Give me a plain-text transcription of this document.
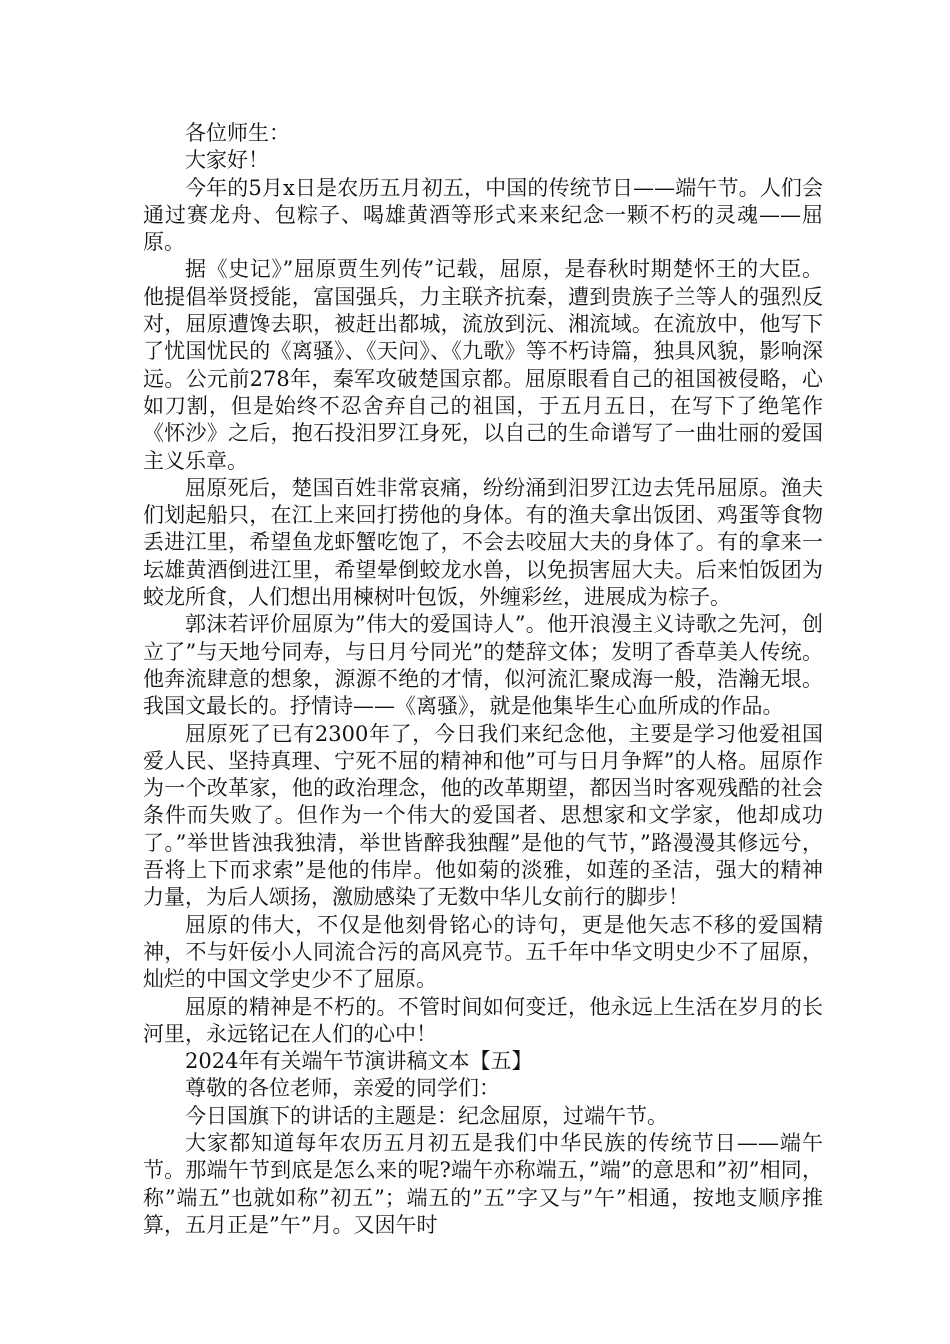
各位师生：

大家好！

今年的5月x日是农历五月初五，中国的传统节日——端午节。人们会通过赛龙舟、包粽子、喝雄黄酒等形式来来纪念一颗不朽的灵魂——屈原。

据《史记》”屈原贾生列传”记载，屈原，是春秋时期楚怀王的大臣。他提倡举贤授能，富国强兵，力主联齐抗秦，遭到贵族子兰等人的强烈反对，屈原遭馋去职，被赶出都城，流放到沅、湘流域。在流放中，他写下了忧国忧民的《离骚》、《天问》、《九歌》等不朽诗篇，独具风貌，影响深远。公元前278年，秦军攻破楚国京都。屈原眼看自己的祖国被侵略，心如刀割，但是始终不忍舍弃自己的祖国，于五月五日，在写下了绝笔作《怀沙》之后，抱石投汨罗江身死，以自己的生命谱写了一曲壮丽的爱国主义乐章。

屈原死后，楚国百姓非常哀痛，纷纷涌到汨罗江边去凭吊屈原。渔夫们划起船只，在江上来回打捞他的身体。有的渔夫拿出饭团、鸡蛋等食物丢进江里，希望鱼龙虾蟹吃饱了，不会去咬屈大夫的身体了。有的拿来一坛雄黄酒倒进江里，希望晕倒蛟龙水兽，以免损害屈大夫。后来怕饭团为蛟龙所食，人们想出用楝树叶包饭，外缠彩丝，进展成为棕子。

郭沫若评价屈原为”伟大的爱国诗人”。他开浪漫主义诗歌之先河，创立了”与天地兮同寿，与日月兮同光”的楚辞文体；发明了香草美人传统。他奔流肆意的想象，源源不绝的才情，似河流汇聚成海一般，浩瀚无垠。我国文最长的。抒情诗——《离骚》，就是他集毕生心血所成的作品。

屈原死了已有2300年了，今日我们来纪念他，主要是学习他爱祖国爱人民、坚持真理、宁死不屈的精神和他”可与日月争辉”的人格。屈原作为一个改革家，他的政治理念，他的改革期望，都因当时客观残酷的社会条件而失败了。但作为一个伟大的爱国者、思想家和文学家，他却成功了。”举世皆浊我独清，举世皆醉我独醒”是他的气节，”路漫漫其修远兮，吾将上下而求索”是他的伟岸。他如菊的淡雅，如莲的圣洁，强大的精神力量，为后人颂扬，激励感染了无数中华儿女前行的脚步！

屈原的伟大，不仅是他刻骨铭心的诗句，更是他矢志不移的爱国精神，不与奸佞小人同流合污的高风亮节。五千年中华文明史少不了屈原，灿烂的中国文学史少不了屈原。

屈原的精神是不朽的。不管时间如何变迁，他永远上生活在岁月的长河里，永远铭记在人们的心中！

2024年有关端午节演讲稿文本【五】

尊敬的各位老师，亲爱的同学们：

今日国旗下的讲话的主题是：纪念屈原，过端午节。

大家都知道每年农历五月初五是我们中华民族的传统节日——端午节。那端午节到底是怎么来的呢?端午亦称端五，”端”的意思和”初”相同，称”端五”也就如称”初五”；端五的”五”字又与”午”相通，按地支顺序推算，五月正是”午”月。又因午时
